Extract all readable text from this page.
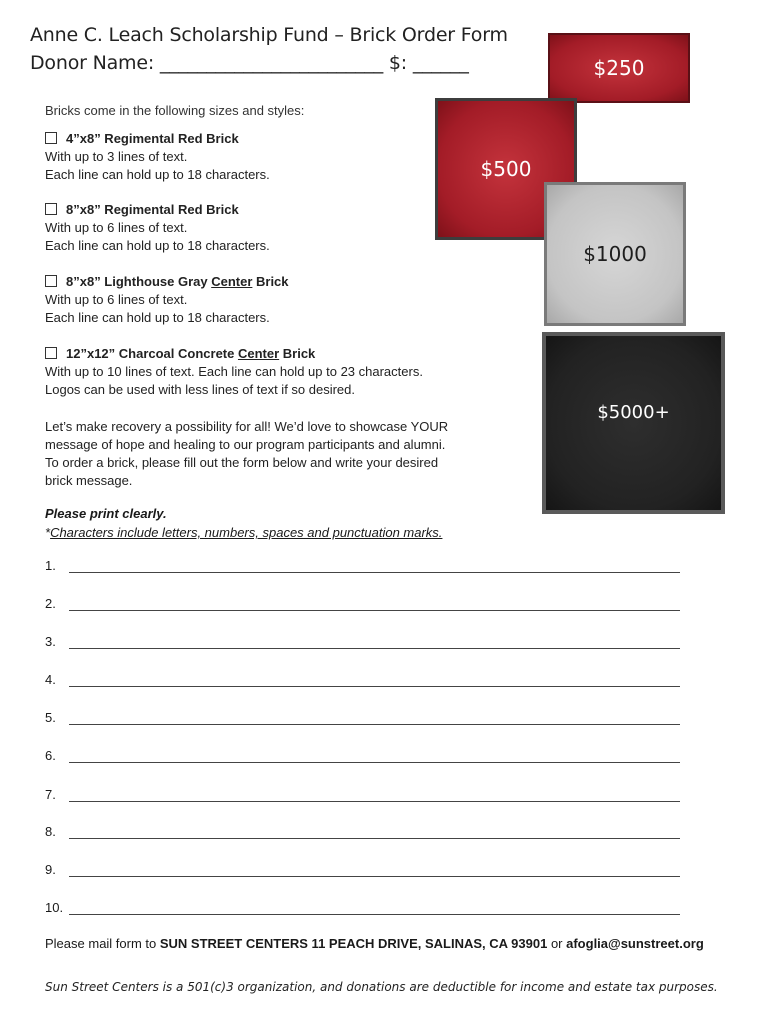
Anne C. Leach Scholarship Fund – Brick Order Form
Donor Name: ________________________ $: ______
Bricks come in the following sizes and styles:
4”x8” Regimental Red Brick
With up to 3 lines of text.
Each line can hold up to 18 characters.
8”x8” Regimental Red Brick
With up to 6 lines of text.
Each line can hold up to 18 characters.
8”x8” Lighthouse Gray Center Brick
With up to 6 lines of text.
Each line can hold up to 18 characters.
12”x12” Charcoal Concrete Center Brick
With up to 10 lines of text. Each line can hold up to 23 characters.
Logos can be used with less lines of text if so desired.
$250
$500
$1000
$5000+
Let’s make recovery a possibility for all! We’d love to showcase YOUR
message of hope and healing to our program participants and alumni.
To order a brick, please fill out the form below and write your desired
brick message.
Please print clearly.
*Characters include letters, numbers, spaces and punctuation marks.
1.
2.
3.
4.
5.
6.
7.
8.
9.
10.
Please mail form to SUN STREET CENTERS 11 PEACH DRIVE, SALINAS, CA 93901 or afoglia@sunstreet.org
Sun Street Centers is a 501(c)3 organization, and donations are deductible for income and estate tax purposes.
